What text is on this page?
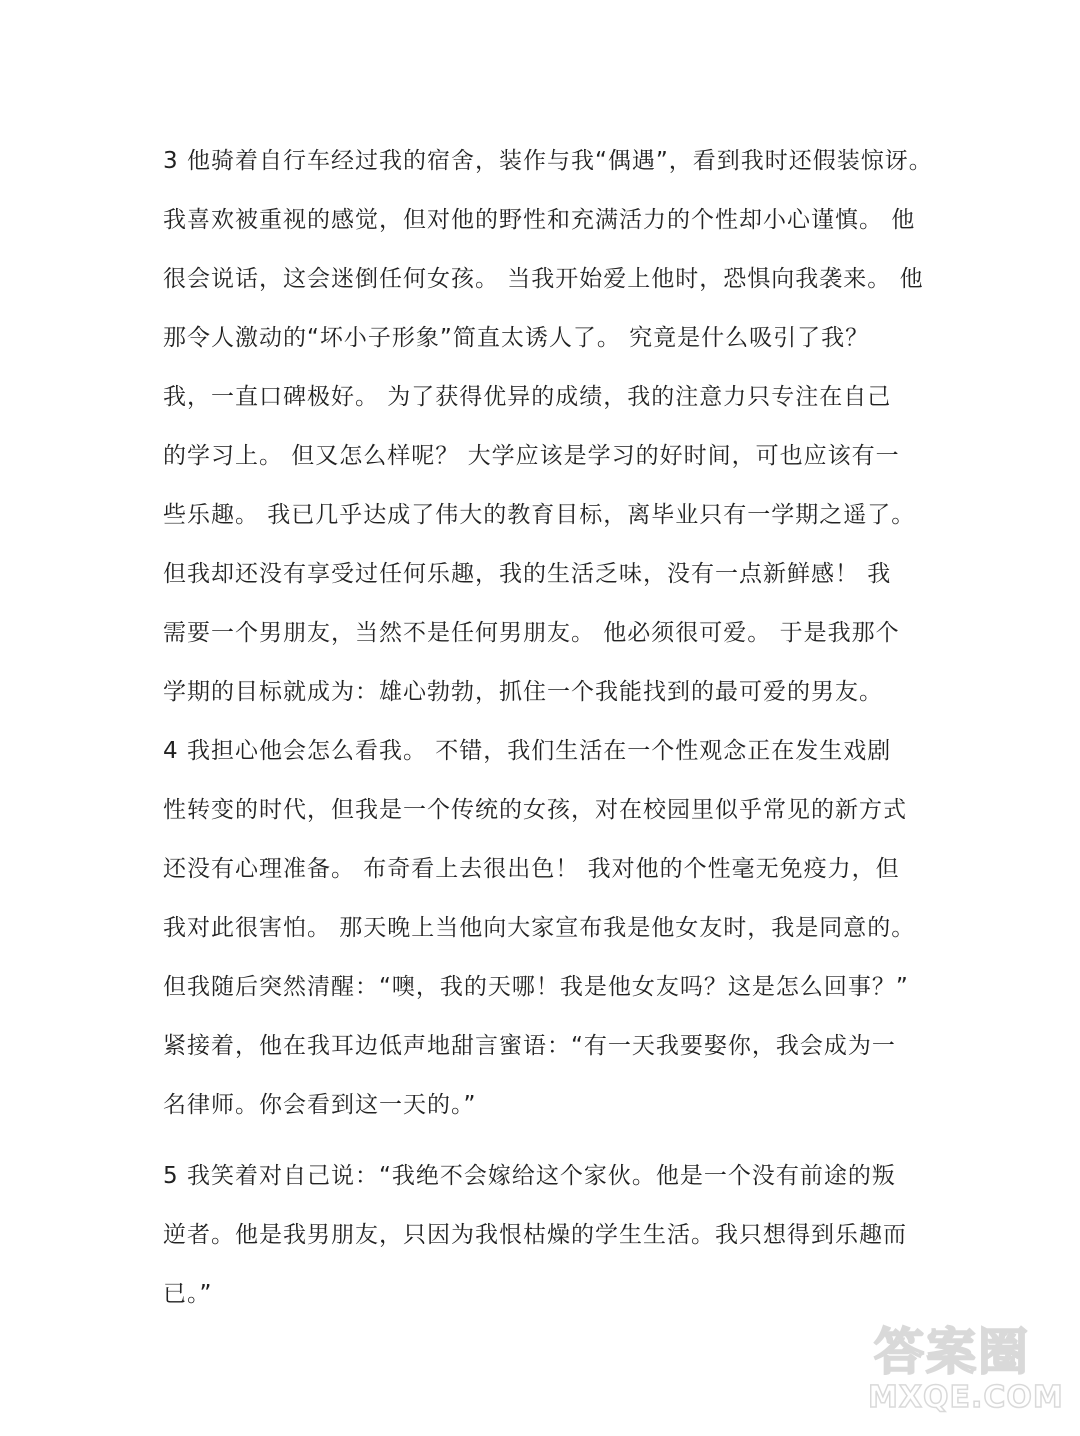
3 他骑着自行车经过我的宿舍，装作与我“偶遇”，看到我时还假装惊讶。
我喜欢被重视的感觉，但对他的野性和充满活力的个性却小心谨慎。 他
很会说话，这会迷倒任何女孩。 当我开始爱上他时，恐惧向我袭来。 他
那令人激动的“坏小子形象”简直太诱人了。 究竟是什么吸引了我？
我，一直口碑极好。 为了获得优异的成绩，我的注意力只专注在自己
的学习上。 但又怎么样呢？ 大学应该是学习的好时间，可也应该有一
些乐趣。 我已几乎达成了伟大的教育目标，离毕业只有一学期之遥了。
但我却还没有享受过任何乐趣，我的生活乏味，没有一点新鲜感！ 我
需要一个男朋友，当然不是任何男朋友。 他必须很可爱。 于是我那个
学期的目标就成为：雄心勃勃，抓住一个我能找到的最可爱的男友。
4 我担心他会怎么看我。 不错，我们生活在一个性观念正在发生戏剧
性转变的时代，但我是一个传统的女孩，对在校园里似乎常见的新方式
还没有心理准备。 布奇看上去很出色！ 我对他的个性毫无免疫力，但
我对此很害怕。 那天晚上当他向大家宣布我是他女友时，我是同意的。
但我随后突然清醒：“噢，我的天哪！我是他女友吗？这是怎么回事？”
紧接着，他在我耳边低声地甜言蜜语：“有一天我要娶你，我会成为一
名律师。你会看到这一天的。”
5 我笑着对自己说：“我绝不会嫁给这个家伙。他是一个没有前途的叛
逆者。他是我男朋友，只因为我恨枯燥的学生生活。我只想得到乐趣而
已。”
答案圈
MXQE.COM
